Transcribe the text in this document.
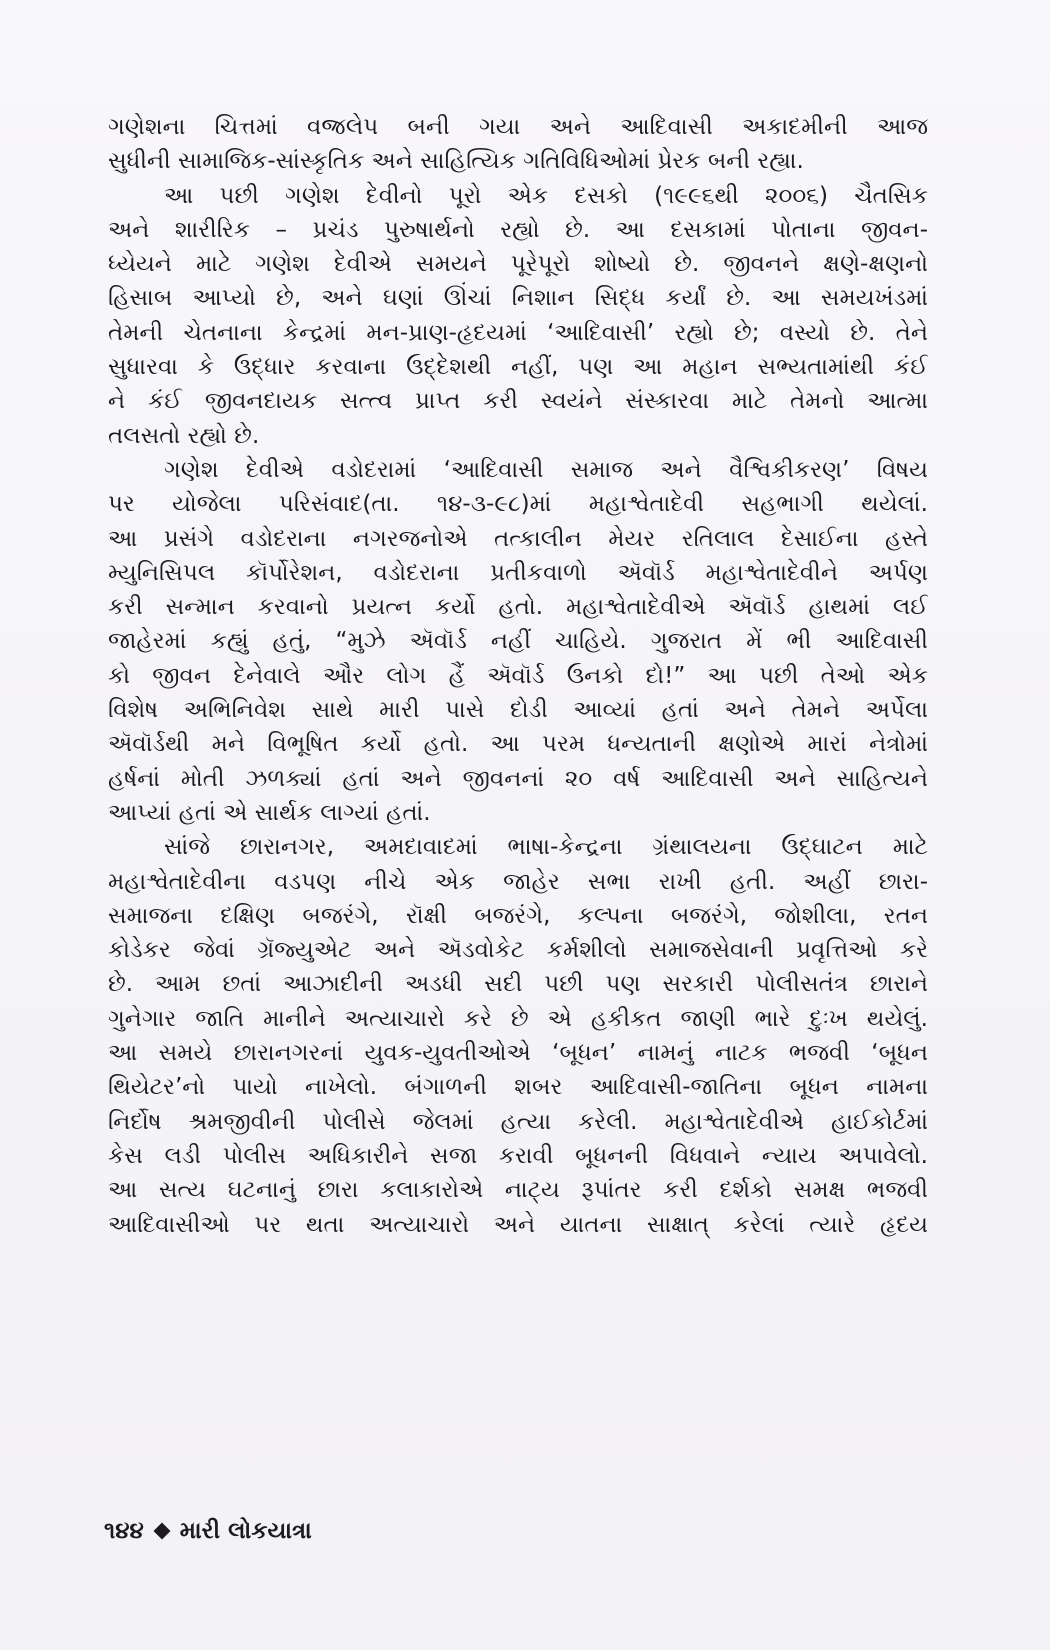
ગણેશના ચિત્તમાં વજ્રલેપ બની ગયા અને આદિવાસી અકાદમીની આજ
સુધીની સામાજિક-સાંસ્કૃતિક અને સાહિત્યિક ગતિવિધિઓમાં પ્રેરક બની રહ્યા.
આ પછી ગણેશ દેવીનો પૂરો એક દસકો (૧૯૯૬થી ૨૦૦૬) ચૈતસિક
અને શારીરિક – પ્રચંડ પુરુષાર્થનો રહ્યો છે. આ દસકામાં પોતાના જીવન-
ધ્યેયને માટે ગણેશ દેવીએ સમયને પૂરેપૂરો શોષ્યો છે. જીવનને ક્ષણે-ક્ષણનો
હિસાબ આપ્યો છે, અને ઘણાં ઊંચાં નિશાન સિદ્ધ કર્યાં છે. આ સમયખંડમાં
તેમની ચેતનાના કેન્દ્રમાં મન-પ્રાણ-હૃદયમાં ‘આદિવાસી’ રહ્યો છે; વસ્યો છે. તેને
સુધારવા કે ઉદ્ધાર કરવાના ઉદ્દેશથી નહીં, પણ આ મહાન સભ્યતામાંથી કંઈ
ને કંઈ જીવનદાયક સત્ત્વ પ્રાપ્ત કરી સ્વયંને સંસ્કારવા માટે તેમનો આત્મા
તલસતો રહ્યો છે.
ગણેશ દેવીએ વડોદરામાં ‘આદિવાસી સમાજ અને વૈશ્વિકીકરણ’ વિષય
પર યોજેલા પરિસંવાદ(તા. ૧૪-૩-૯૮)માં મહાશ્વેતાદેવી સહભાગી થયેલાં.
આ પ્રસંગે વડોદરાના નગરજનોએ તત્કાલીન મેયર રતિલાલ દેસાઈના હસ્તે
મ્યુનિસિપલ કૉર્પોરેશન, વડોદરાના પ્રતીકવાળો ઍવૉર્ડ મહાશ્વેતાદેવીને અર્પણ
કરી સન્માન કરવાનો પ્રયત્ન કર્યો હતો. મહાશ્વેતાદેવીએ ઍવૉર્ડ હાથમાં લઈ
જાહેરમાં કહ્યું હતું, “મુઝે ઍવૉર્ડ નહીં ચાહિયે. ગુજરાત મેં ભી આદિવાસી
કો જીવન દેનેવાલે ઔર લોગ હૈં ઍવૉર્ડ ઉનકો દો!” આ પછી તેઓ એક
વિશેષ અભિનિવેશ સાથે મારી પાસે દોડી આવ્યાં હતાં અને તેમને અર્પેલા
ઍવૉર્ડથી મને વિભૂષિત કર્યો હતો. આ પરમ ધન્યતાની ક્ષણોએ મારાં નેત્રોમાં
હર્ષનાં મોતી ઝળક્યાં હતાં અને જીવનનાં ૨૦ વર્ષ આદિવાસી અને સાહિત્યને
આપ્યાં હતાં એ સાર્થક લાગ્યાં હતાં.
સાંજે છારાનગર, અમદાવાદમાં ભાષા-કેન્દ્રના ગ્રંથાલયના ઉદ્ઘાટન માટે
મહાશ્વેતાદેવીના વડપણ નીચે એક જાહેર સભા રાખી હતી. અહીં છારા-
સમાજના દક્ષિણ બજરંગે, રૉક્ષી બજરંગે, કલ્પના બજરંગે, જોશીલા, રતન
કોડેકર જેવાં ગ્રૅજ્યુએટ અને ઍડવોકેટ કર્મશીલો સમાજસેવાની પ્રવૃત્તિઓ કરે
છે. આમ છતાં આઝાદીની અડધી સદી પછી પણ સરકારી પોલીસતંત્ર છારાને
ગુનેગાર જાતિ માનીને અત્યાચારો કરે છે એ હકીકત જાણી ભારે દુઃખ થયેલું.
આ સમયે છારાનગરનાં યુવક-યુવતીઓએ ‘બૂધન’ નામનું નાટક ભજવી ‘બૂધન
થિયેટર’નો પાયો નાખેલો. બંગાળની શબર આદિવાસી-જાતિના બૂધન નામના
નિર્દોષ શ્રમજીવીની પોલીસે જેલમાં હત્યા કરેલી. મહાશ્વેતાદેવીએ હાઈકોર્ટમાં
કેસ લડી પોલીસ અધિકારીને સજા કરાવી બૂધનની વિધવાને ન્યાય અપાવેલો.
આ સત્ય ઘટનાનું છારા કલાકારોએ નાટ્ય રૂપાંતર કરી દર્શકો સમક્ષ ભજવી
આદિવાસીઓ પર થતા અત્યાચારો અને યાતના સાક્ષાત્ કરેલાં ત્યારે હૃદય
૧૪૪ મારી લોકયાત્રા
